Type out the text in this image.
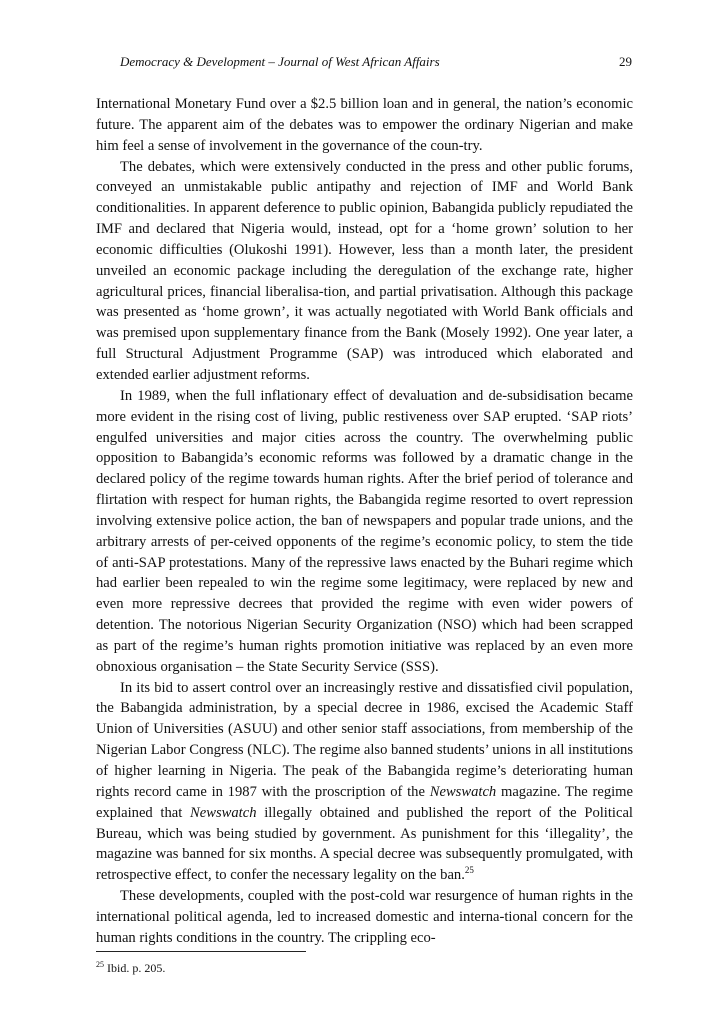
Democracy & Development – Journal of West African Affairs	29

International Monetary Fund over a $2.5 billion loan and in general, the nation’s economic future. The apparent aim of the debates was to empower the ordinary Nigerian and make him feel a sense of involvement in the governance of the coun-try.

The debates, which were extensively conducted in the press and other public forums, conveyed an unmistakable public antipathy and rejection of IMF and World Bank conditionalities. In apparent deference to public opinion, Babangida publicly repudiated the IMF and declared that Nigeria would, instead, opt for a ‘home grown’ solution to her economic difficulties (Olukoshi 1991). However, less than a month later, the president unveiled an economic package including the deregulation of the exchange rate, higher agricultural prices, financial liberalisa-tion, and partial privatisation. Although this package was presented as ‘home grown’, it was actually negotiated with World Bank officials and was premised upon supplementary finance from the Bank (Mosely 1992). One year later, a full Structural Adjustment Programme (SAP) was introduced which elaborated and extended earlier adjustment reforms.

In 1989, when the full inflationary effect of devaluation and de-subsidisation became more evident in the rising cost of living, public restiveness over SAP erupted. ‘SAP riots’ engulfed universities and major cities across the country. The overwhelming public opposition to Babangida’s economic reforms was followed by a dramatic change in the declared policy of the regime towards human rights. After the brief period of tolerance and flirtation with respect for human rights, the Babangida regime resorted to overt repression involving extensive police action, the ban of newspapers and popular trade unions, and the arbitrary arrests of per-ceived opponents of the regime’s economic policy, to stem the tide of anti-SAP protestations. Many of the repressive laws enacted by the Buhari regime which had earlier been repealed to win the regime some legitimacy, were replaced by new and even more repressive decrees that provided the regime with even wider powers of detention. The notorious Nigerian Security Organization (NSO) which had been scrapped as part of the regime’s human rights promotion initiative was replaced by an even more obnoxious organisation – the State Security Service (SSS).

In its bid to assert control over an increasingly restive and dissatisfied civil population, the Babangida administration, by a special decree in 1986, excised the Academic Staff Union of Universities (ASUU) and other senior staff associations, from membership of the Nigerian Labor Congress (NLC). The regime also banned students’ unions in all institutions of higher learning in Nigeria. The peak of the Babangida regime’s deteriorating human rights record came in 1987 with the proscription of the Newswatch magazine. The regime explained that Newswatch illegally obtained and published the report of the Political Bureau, which was being studied by government. As punishment for this ‘illegality’, the magazine was banned for six months. A special decree was subsequently promulgated, with retrospective effect, to confer the necessary legality on the ban.$^{25}$

These developments, coupled with the post-cold war resurgence of human rights in the international political agenda, led to increased domestic and interna-tional concern for the human rights conditions in the country. The crippling eco-

$^{25}$ Ibid. p. 205.
